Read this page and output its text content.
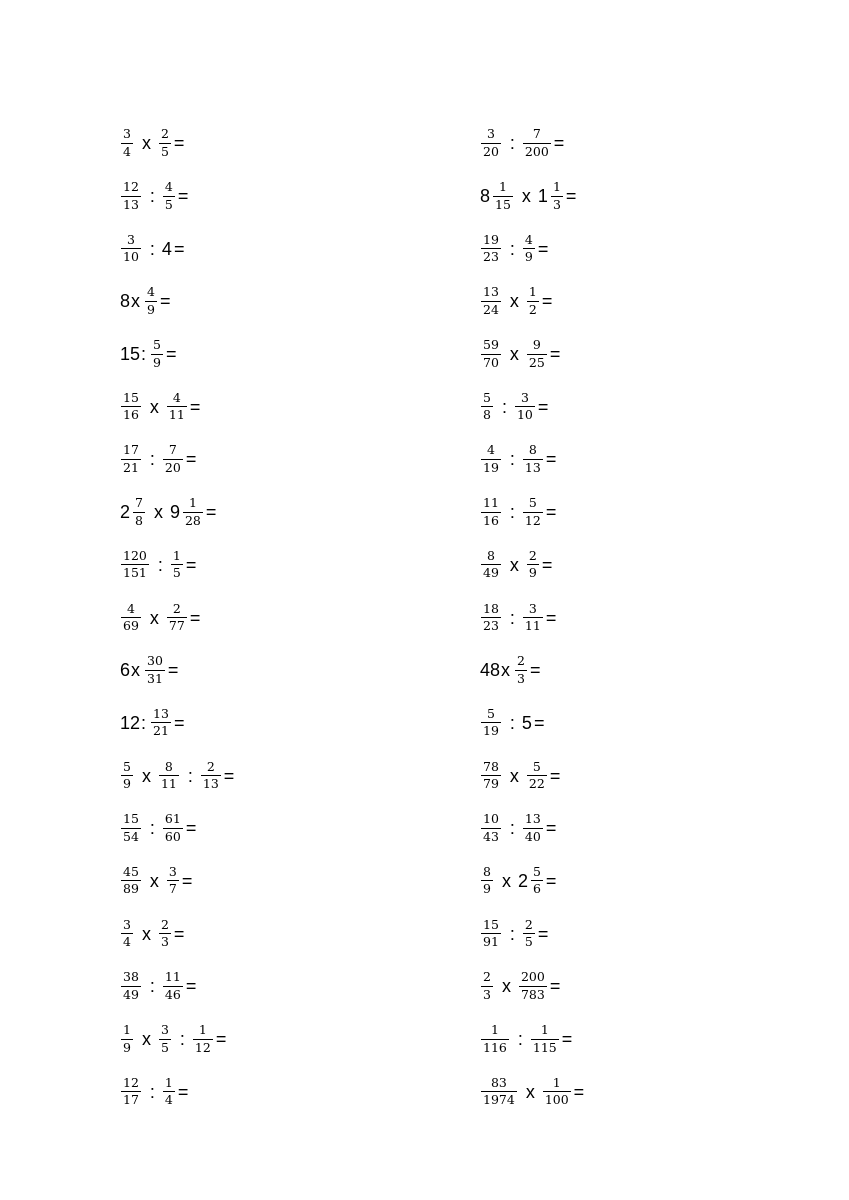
$\frac{3}{4}$ x $\frac{2}{5}$ =
$\frac{12}{13}$ : $\frac{4}{5}$ =
$\frac{3}{10}$ : 4 =
8 x $\frac{4}{9}$ =
15 : $\frac{5}{9}$ =
$\frac{15}{16}$ x $\frac{4}{11}$ =
$\frac{17}{21}$ : $\frac{7}{20}$ =
$2 \frac{7}{8}$ x $9 \frac{1}{28}$ =
$\frac{120}{151}$ : $\frac{1}{5}$ =
$\frac{4}{69}$ x $\frac{2}{77}$ =
6 x $\frac{30}{31}$ =
12 : $\frac{13}{21}$ =
$\frac{5}{9}$ x $\frac{8}{11}$ : $\frac{2}{13}$ =
$\frac{15}{54}$ : $\frac{61}{60}$ =
$\frac{45}{89}$ x $\frac{3}{7}$ =
$\frac{3}{4}$ x $\frac{2}{3}$ =
$\frac{38}{49}$ : $\frac{11}{46}$ =
$\frac{1}{9}$ x $\frac{3}{5}$ : $\frac{1}{12}$ =
$\frac{12}{17}$ : $\frac{1}{4}$ =
$\frac{3}{20}$ : $\frac{7}{200}$ =
$8 \frac{1}{15}$ x $1 \frac{1}{3}$ =
$\frac{19}{23}$ : $\frac{4}{9}$ =
$\frac{13}{24}$ x $\frac{1}{2}$ =
$\frac{59}{70}$ x $\frac{9}{25}$ =
$\frac{5}{8}$ : $\frac{3}{10}$ =
$\frac{4}{19}$ : $\frac{8}{13}$ =
$\frac{11}{16}$ : $\frac{5}{12}$ =
$\frac{8}{49}$ x $\frac{2}{9}$ =
$\frac{18}{23}$ : $\frac{3}{11}$ =
48 x $\frac{2}{3}$ =
$\frac{5}{19}$ : 5 =
$\frac{78}{79}$ x $\frac{5}{22}$ =
$\frac{10}{43}$ : $\frac{13}{40}$ =
$\frac{8}{9}$ x $2 \frac{5}{6}$ =
$\frac{15}{91}$ : $\frac{2}{5}$ =
$\frac{2}{3}$ x $\frac{200}{783}$ =
$\frac{1}{116}$ : $\frac{1}{115}$ =
$\frac{83}{1974}$ x $\frac{1}{100}$ =
